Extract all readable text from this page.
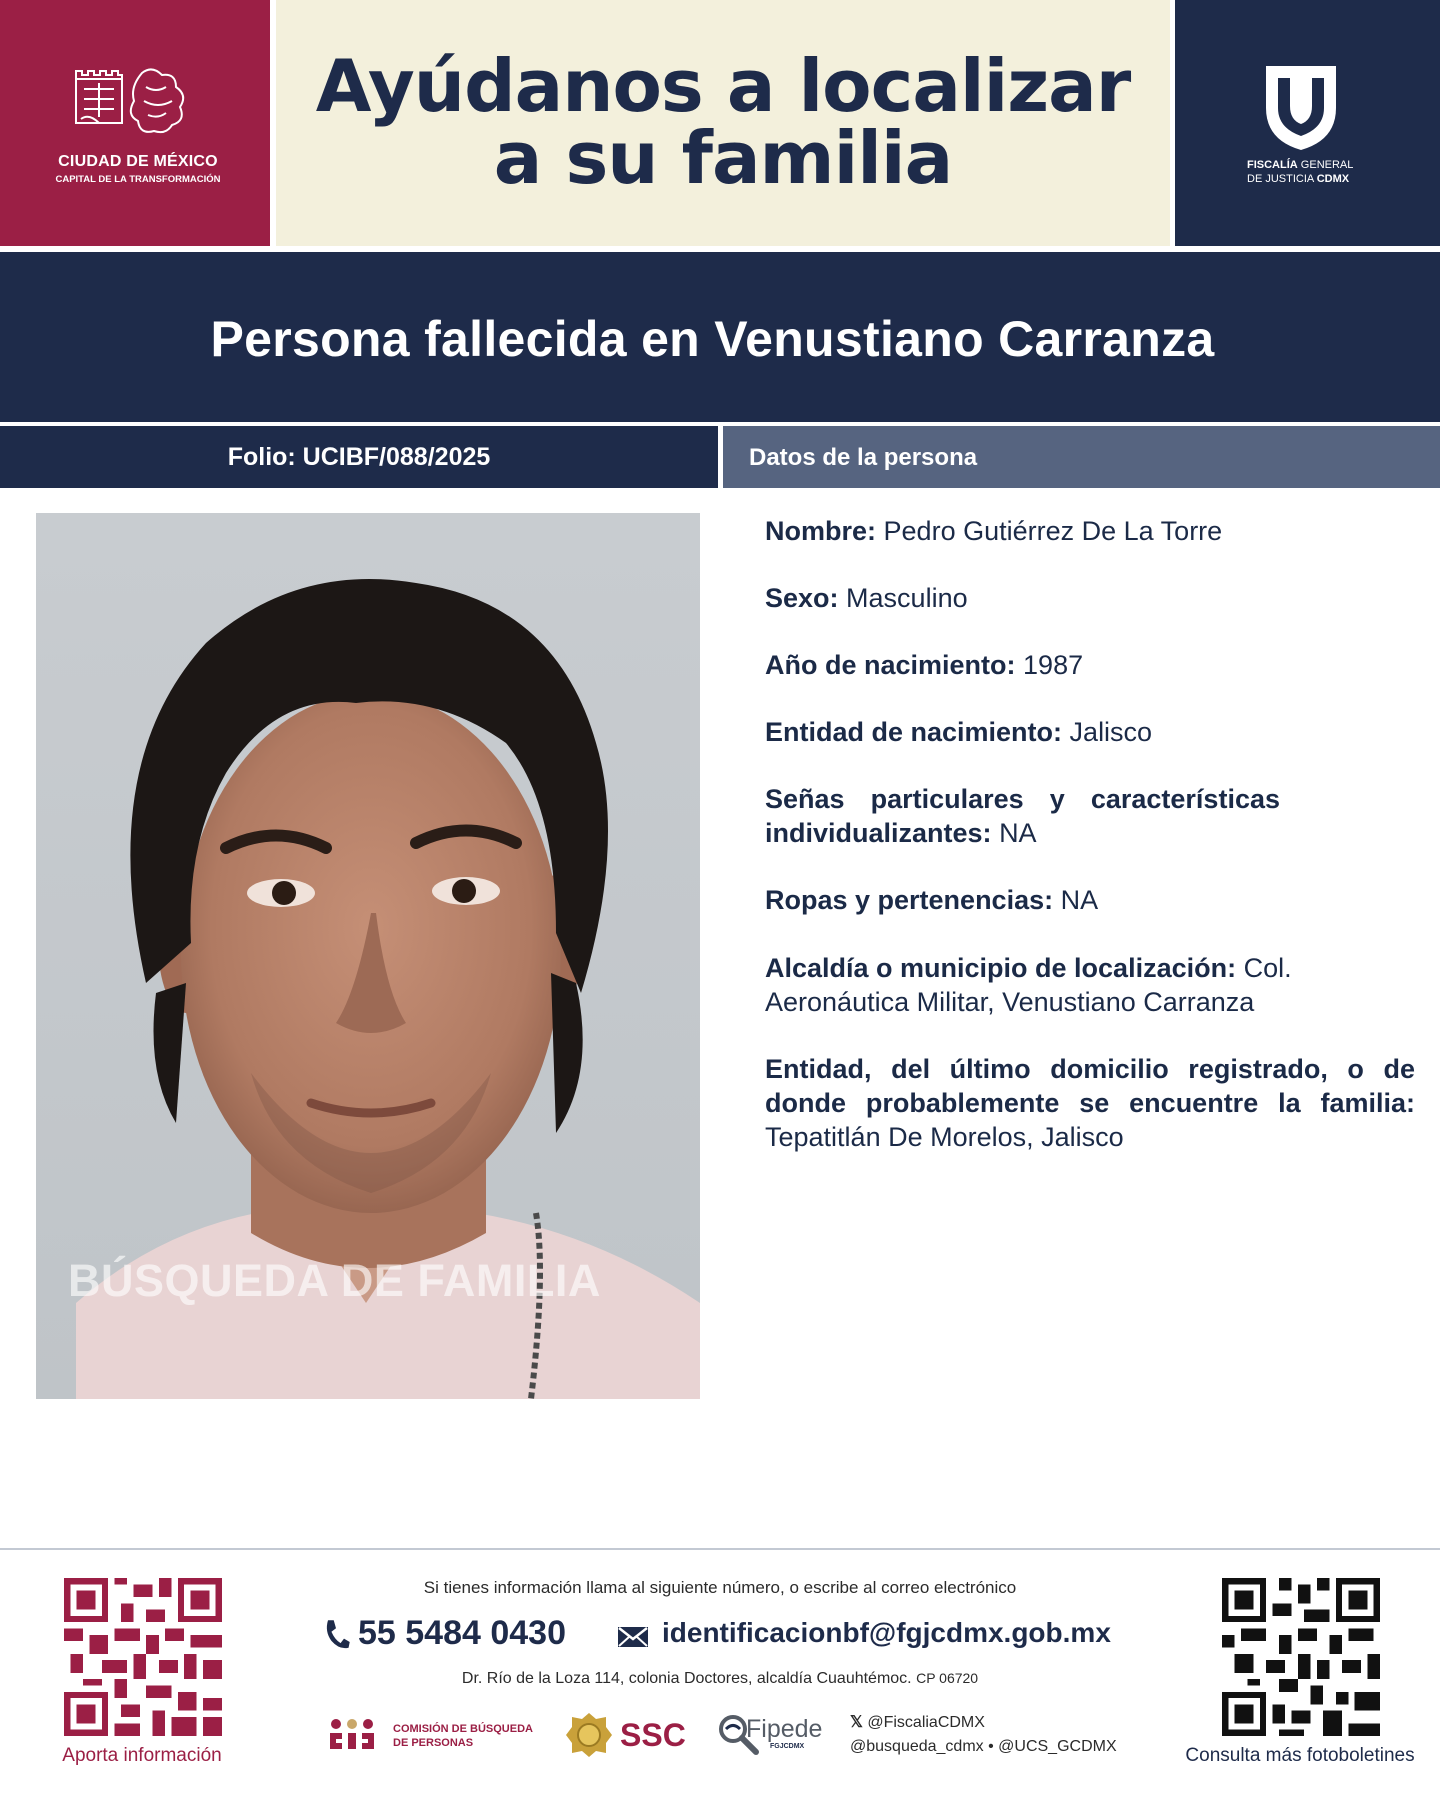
CIUDAD DE MÉXICO
CAPITAL DE LA TRANSFORMACIÓN
Ayúdanos a localizar
a su familia	FISCALÍA GENERAL
DE JUSTICIA CDMX
Persona fallecida en Venustiano Carranza
Folio: UCIBF/088/2025	Datos de la persona
BÚSQUEDA DE FAMILIA
Nombre: Pedro Gutiérrez De La Torre
Sexo: Masculino
Año de nacimiento: 1987
Entidad de nacimiento: Jalisco
Señas particulares y características individualizantes: NA
Ropas y pertenencias: NA
Alcaldía o municipio de localización: Col. Aeronáutica Militar, Venustiano Carranza
Entidad, del último domicilio registrado, o de donde probablemente se encuentre la familia: Tepatitlán De Morelos, Jalisco
Aporta información
Si tienes información llama al siguiente número, o escribe al correo electrónico
55 5484 0430	identificacionbf@fgjcdmx.gob.mx
Dr. Río de la Loza 114, colonia Doctores, alcaldía Cuauhtémoc. CP 06720
COMISIÓN DE BÚSQUEDA
DE PERSONAS	SSC Fipede
FGJCDMX
𝕏 @FiscaliaCDMX
@busqueda_cdmx • @UCS_GCDMX	Consulta más fotoboletines
